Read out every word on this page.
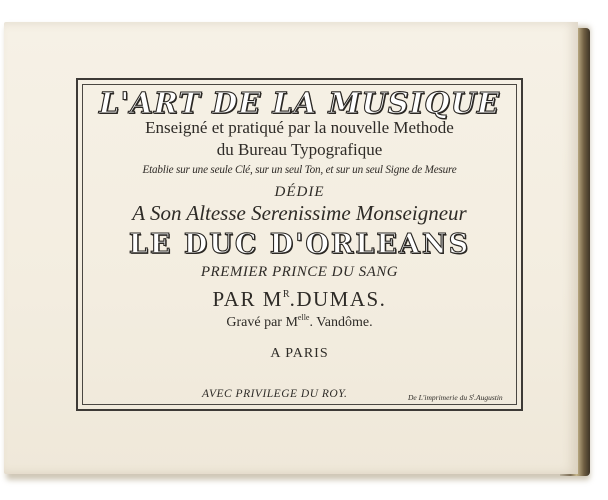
L'ART DE LA MUSIQUE
Enseigné et pratiqué par la nouvelle Methode
du Bureau Typografique
Etablie sur une seule Clé, sur un seul Ton, et sur un seul Signe de Mesure
DÉDIE
A Son Altesse Serenissime Monseigneur
LE DUC D'ORLEANS
PREMIER PRINCE DU SANG
PAR $M^R.DUMAS$.
Gravé par $M^{elle}$. Vandôme.
A PARIS
AVEC PRIVILEGE DU ROY.	De L'imprimerie du $S^t.Augustin$
